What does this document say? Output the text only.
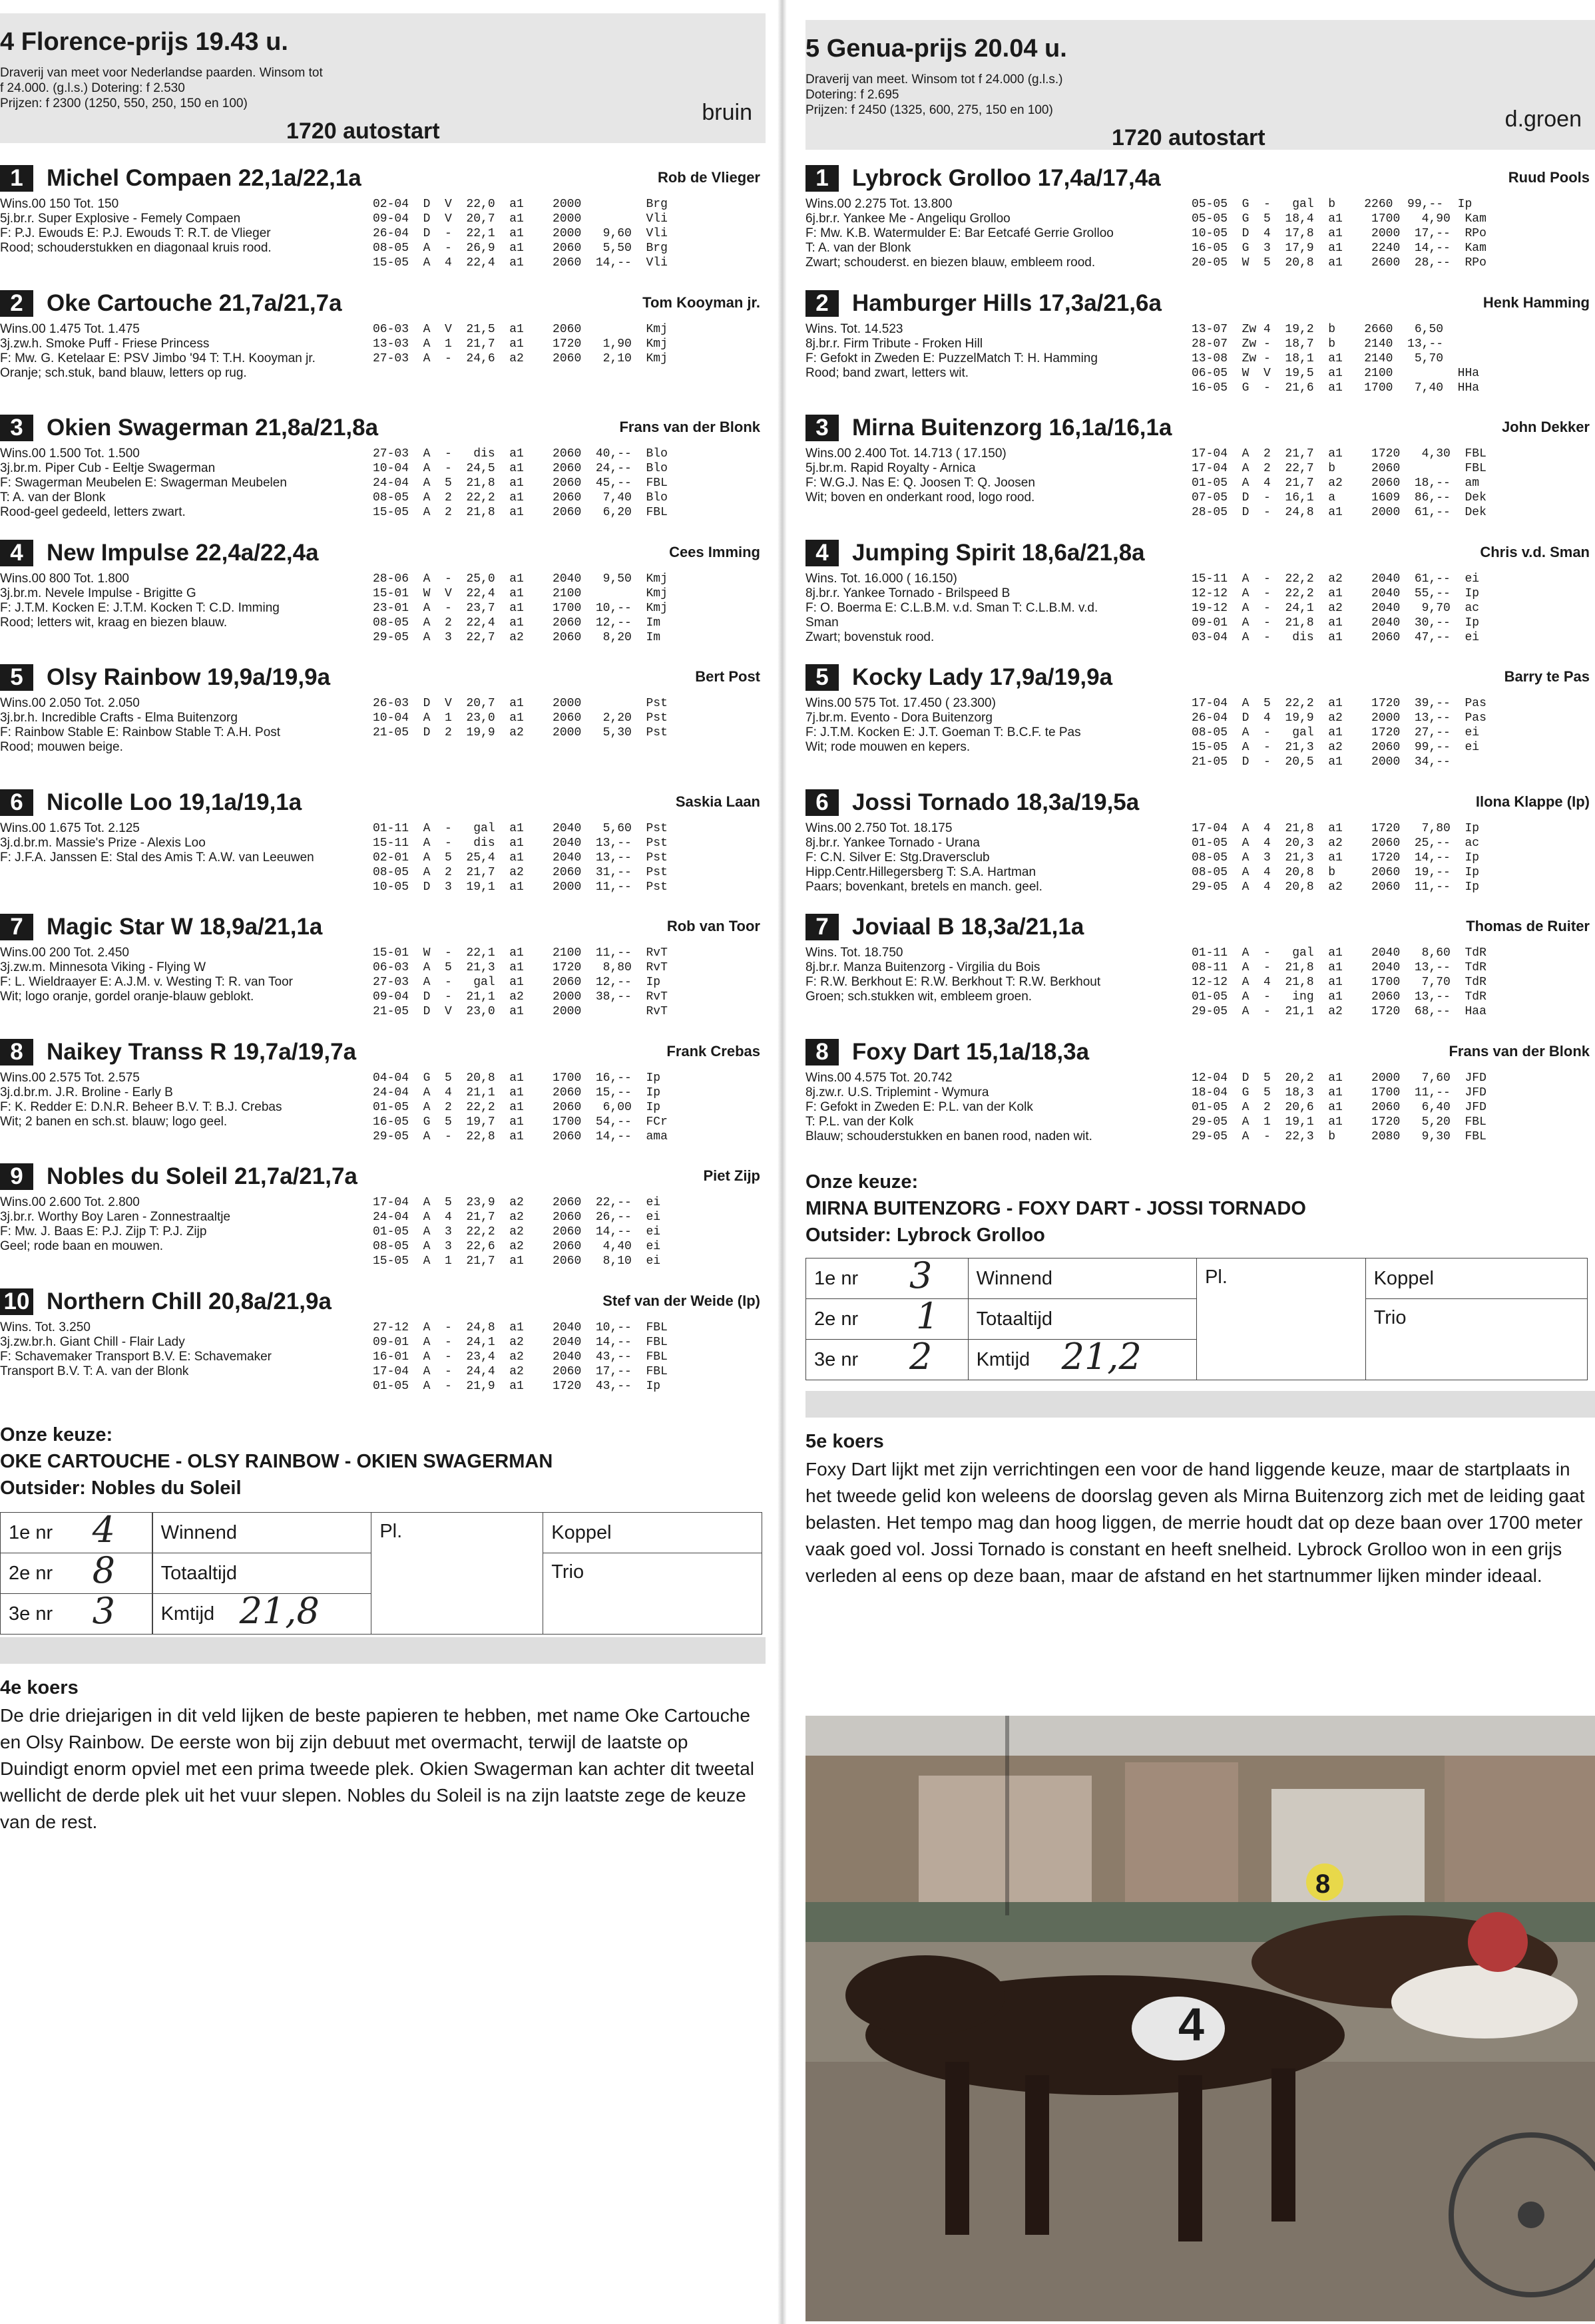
4 Florence-prijs 19.43 u.
Draverij van meet voor Nederlandse paarden. Winsom tot
f 24.000. (g.l.s.) Dotering: f 2.530
Prijzen: f 2300 (1250, 550, 250, 150 en 100)
1720 autostart
bruin
1 Michel Compaen 22,1a/22,1a	Rob de Vlieger
Wins.00 150 Tot. 150
5j.br.r. Super Explosive - Femely Compaen
F: P.J. Ewouds E: P.J. Ewouds T: R.T. de Vlieger
Rood; schouderstukken en diagonaal kruis rood.
02-04  D  V  22,0  a1    2000         Brg
09-04  D  V  20,7  a1    2000         Vli
26-04  D  -  22,1  a1    2000   9,60  Vli
08-05  A  -  26,9  a1    2060   5,50  Brg
15-05  A  4  22,4  a1    2060  14,--  Vli
2 Oke Cartouche 21,7a/21,7a	Tom Kooyman jr.
Wins.00 1.475 Tot. 1.475
3j.zw.h. Smoke Puff - Friese Princess
F: Mw. G. Ketelaar E: PSV Jimbo '94 T: T.H. Kooyman jr.
Oranje; sch.stuk, band blauw, letters op rug.
06-03  A  V  21,5  a1    2060         Kmj
13-03  A  1  21,7  a1    1720   1,90  Kmj
27-03  A  -  24,6  a2    2060   2,10  Kmj
3 Okien Swagerman 21,8a/21,8a	Frans van der Blonk
Wins.00 1.500 Tot. 1.500
3j.br.m. Piper Cub - Eeltje Swagerman
F: Swagerman Meubelen E: Swagerman Meubelen
T: A. van der Blonk
Rood-geel gedeeld, letters zwart.
27-03  A  -   dis  a1    2060  40,--  Blo
10-04  A  -  24,5  a1    2060  24,--  Blo
24-04  A  5  21,8  a1    2060  45,--  FBL
08-05  A  2  22,2  a1    2060   7,40  Blo
15-05  A  2  21,8  a1    2060   6,20  FBL
4 New Impulse 22,4a/22,4a	Cees Imming
Wins.00 800 Tot. 1.800
3j.br.m. Nevele Impulse - Brigitte G
F: J.T.M. Kocken E: J.T.M. Kocken T: C.D. Imming
Rood; letters wit, kraag en biezen blauw.
28-06  A  -  25,0  a1    2040   9,50  Kmj
15-01  W  V  22,4  a1    2100         Kmj
23-01  A  -  23,7  a1    1700  10,--  Kmj
08-05  A  2  22,4  a1    2060  12,--  Im
29-05  A  3  22,7  a2    2060   8,20  Im
5 Olsy Rainbow 19,9a/19,9a	Bert Post
Wins.00 2.050 Tot. 2.050
3j.br.h. Incredible Crafts - Elma Buitenzorg
F: Rainbow Stable E: Rainbow Stable T: A.H. Post
Rood; mouwen beige.
26-03  D  V  20,7  a1    2000         Pst
10-04  A  1  23,0  a1    2060   2,20  Pst
21-05  D  2  19,9  a2    2000   5,30  Pst
6 Nicolle Loo 19,1a/19,1a	Saskia Laan
Wins.00 1.675 Tot. 2.125
3j.d.br.m. Massie's Prize - Alexis Loo
F: J.F.A. Janssen E: Stal des Amis T: A.W. van Leeuwen
01-11  A  -   gal  a1    2040   5,60  Pst
15-11  A  -   dis  a1    2040  13,--  Pst
02-01  A  5  25,4  a1    2040  13,--  Pst
08-05  A  2  21,7  a2    2060  31,--  Pst
10-05  D  3  19,1  a1    2000  11,--  Pst
7 Magic Star W 18,9a/21,1a	Rob van Toor
Wins.00 200 Tot. 2.450
3j.zw.m. Minnesota Viking - Flying W
F: L. Wieldraayer E: A.J.M. v. Westing T: R. van Toor
Wit; logo oranje, gordel oranje-blauw geblokt.
15-01  W  -  22,1  a1    2100  11,--  RvT
06-03  A  5  21,3  a1    1720   8,80  RvT
27-03  A  -   gal  a1    2060  12,--  Ip
09-04  D  -  21,1  a2    2000  38,--  RvT
21-05  D  V  23,0  a1    2000         RvT
8 Naikey Transs R 19,7a/19,7a	Frank Crebas
Wins.00 2.575 Tot. 2.575
3j.d.br.m. J.R. Broline - Early B
F: K. Redder E: D.N.R. Beheer B.V. T: B.J. Crebas
Wit; 2 banen en sch.st. blauw; logo geel.
04-04  G  5  20,8  a1    1700  16,--  Ip
24-04  A  4  21,1  a1    2060  15,--  Ip
01-05  A  2  22,2  a1    2060   6,00  Ip
16-05  G  5  19,7  a1    1700  54,--  FCr
29-05  A  -  22,8  a1    2060  14,--  ama
9 Nobles du Soleil 21,7a/21,7a	Piet Zijp
Wins.00 2.600 Tot. 2.800
3j.br.r. Worthy Boy Laren - Zonnestraaltje
F: Mw. J. Baas E: P.J. Zijp T: P.J. Zijp
Geel; rode baan en mouwen.
17-04  A  5  23,9  a2    2060  22,--  ei
24-04  A  4  21,7  a2    2060  26,--  ei
01-05  A  3  22,2  a2    2060  14,--  ei
08-05  A  3  22,6  a2    2060   4,40  ei
15-05  A  1  21,7  a1    2060   8,10  ei
10 Northern Chill 20,8a/21,9a	Stef van der Weide (Ip)
Wins. Tot. 3.250
3j.zw.br.h. Giant Chill - Flair Lady
F: Schavemaker Transport B.V. E: Schavemaker
Transport B.V. T: A. van der Blonk
27-12  A  -  24,8  a1    2040  10,--  FBL
09-01  A  -  24,1  a2    2040  14,--  FBL
16-01  A  -  23,4  a2    2040  43,--  FBL
17-04  A  -  24,4  a2    2060  17,--  FBL
01-05  A  -  21,9  a1    1720  43,--  Ip
Onze keuze:
OKE CARTOUCHE - OLSY RAINBOW - OKIEN SWAGERMAN
Outsider: Nobles du Soleil
1e nr	4	Winnend	Pl.	Koppel
2e nr	8	Totaaltijd		Trio
3e nr	3	Kmtijd 21,8		
4e koers
De drie driejarigen in dit veld lijken de beste papieren te hebben, met name Oke Cartouche en Olsy Rainbow. De eerste won bij zijn debuut met overmacht, terwijl de laatste op Duindigt enorm opviel met een prima tweede plek. Okien Swagerman kan achter dit tweetal wellicht de derde plek uit het vuur slepen. Nobles du Soleil is na zijn laatste zege de keuze van de rest.
5 Genua-prijs 20.04 u.
Draverij van meet. Winsom tot f 24.000 (g.l.s.)
Dotering: f 2.695
Prijzen: f 2450 (1325, 600, 275, 150 en 100)
1720 autostart
d.groen
1 Lybrock Grolloo 17,4a/17,4a	Ruud Pools
Wins.00 2.275 Tot. 13.800
6j.br.r. Yankee Me - Angeliqu Grolloo
F: Mw. K.B. Watermulder E: Bar Eetcafé Gerrie Grolloo
T: A. van der Blonk
Zwart; schouderst. en biezen blauw, embleem rood.
05-05  G  -   gal  b    2260  99,--  Ip
05-05  G  5  18,4  a1    1700   4,90  Kam
10-05  D  4  17,8  a1    2000  17,--  RPo
16-05  G  3  17,9  a1    2240  14,--  Kam
20-05  W  5  20,8  a1    2600  28,--  RPo
2 Hamburger Hills 17,3a/21,6a	Henk Hamming
Wins. Tot. 14.523
8j.br.r. Firm Tribute - Froken Hill
F: Gefokt in Zweden E: PuzzelMatch T: H. Hamming
Rood; band zwart, letters wit.
13-07  Zw 4  19,2  b    2660   6,50
28-07  Zw -  18,7  b    2140  13,--
13-08  Zw -  18,1  a1   2140   5,70
06-05  W  V  19,5  a1   2100         HHa
16-05  G  -  21,6  a1   1700   7,40  HHa
3 Mirna Buitenzorg 16,1a/16,1a	John Dekker
Wins.00 2.400 Tot. 14.713 ( 17.150)
5j.br.m. Rapid Royalty - Arnica
F: W.G.J. Nas E: Q. Joosen T: Q. Joosen
Wit; boven en onderkant rood, logo rood.
17-04  A  2  21,7  a1    1720   4,30  FBL
17-04  A  2  22,7  b     2060         FBL
01-05  A  4  21,7  a2    2060  18,--  am
07-05  D  -  16,1  a     1609  86,--  Dek
28-05  D  -  24,8  a1    2000  61,--  Dek
4 Jumping Spirit 18,6a/21,8a	Chris v.d. Sman
Wins. Tot. 16.000 ( 16.150)
8j.br.r. Yankee Tornado - Brilspeed B
F: O. Boerma E: C.L.B.M. v.d. Sman T: C.L.B.M. v.d.
Sman
Zwart; bovenstuk rood.
15-11  A  -  22,2  a2    2040  61,--  ei
12-12  A  -  22,2  a1    2040  55,--  Ip
19-12  A  -  24,1  a2    2040   9,70  ac
09-01  A  -  21,8  a1    2040  30,--  Ip
03-04  A  -   dis  a1    2060  47,--  ei
5 Kocky Lady 17,9a/19,9a	Barry te Pas
Wins.00 575 Tot. 17.450 ( 23.300)
7j.br.m. Evento - Dora Buitenzorg
F: J.T.M. Kocken E: J.T. Goeman T: B.C.F. te Pas
Wit; rode mouwen en kepers.
17-04  A  5  22,2  a1    1720  39,--  Pas
26-04  D  4  19,9  a2    2000  13,--  Pas
08-05  A  -   gal  a1    1720  27,--  ei
15-05  A  -  21,3  a2    2060  99,--  ei
21-05  D  -  20,5  a1    2000  34,--
6 Jossi Tornado 18,3a/19,5a	Ilona Klappe (Ip)
Wins.00 2.750 Tot. 18.175
8j.br.r. Yankee Tornado - Urana
F: C.N. Silver E: Stg.Draversclub
Hipp.Centr.Hillegersberg T: S.A. Hartman
Paars; bovenkant, bretels en manch. geel.
17-04  A  4  21,8  a1    1720   7,80  Ip
01-05  A  4  20,3  a2    2060  25,--  ac
08-05  A  3  21,3  a1    1720  14,--  Ip
08-05  A  4  20,8  b     2060  19,--  Ip
29-05  A  4  20,8  a2    2060  11,--  Ip
7 Joviaal B 18,3a/21,1a	Thomas de Ruiter
Wins. Tot. 18.750
8j.br.r. Manza Buitenzorg - Virgilia du Bois
F: R.W. Berkhout E: R.W. Berkhout T: R.W. Berkhout
Groen; sch.stukken wit, embleem groen.
01-11  A  -   gal  a1    2040   8,60  TdR
08-11  A  -  21,8  a1    2040  13,--  TdR
12-12  A  4  21,8  a1    1700   7,70  TdR
01-05  A  -   ing  a1    2060  13,--  TdR
29-05  A  -  21,1  a2    1720  68,--  Haa
8 Foxy Dart 15,1a/18,3a	Frans van der Blonk
Wins.00 4.575 Tot. 20.742
8j.zw.r. U.S. Triplemint - Wymura
F: Gefokt in Zweden E: P.L. van der Kolk
T: P.L. van der Kolk
Blauw; schouderstukken en banen rood, naden wit.
12-04  D  5  20,2  a1    2000   7,60  JFD
18-04  G  5  18,3  a1    1700  11,--  JFD
01-05  A  2  20,6  a1    2060   6,40  JFD
29-05  A  1  19,1  a1    1720   5,20  FBL
29-05  A  -  22,3  b     2080   9,30  FBL
Onze keuze:
MIRNA BUITENZORG - FOXY DART - JOSSI TORNADO
Outsider: Lybrock Grolloo
1e nr 3	Winnend	Pl.	Koppel
2e nr 1	Totaaltijd		Trio
3e nr 2	Kmtijd 21,2		
5e koers
Foxy Dart lijkt met zijn verrichtingen een voor de hand liggende keuze, maar de startplaats in het tweede gelid kon weleens de doorslag geven als Mirna Buitenzorg zich met de leiding gaat belasten. Het tempo mag dan hoog liggen, de merrie houdt dat op deze baan over 1700 meter vaak goed vol. Jossi Tornado is constant en heeft snelheid. Lybrock Grolloo won in een grijs verleden al eens op deze baan, maar de afstand en het startnummer lijken minder ideaal.
4
8
